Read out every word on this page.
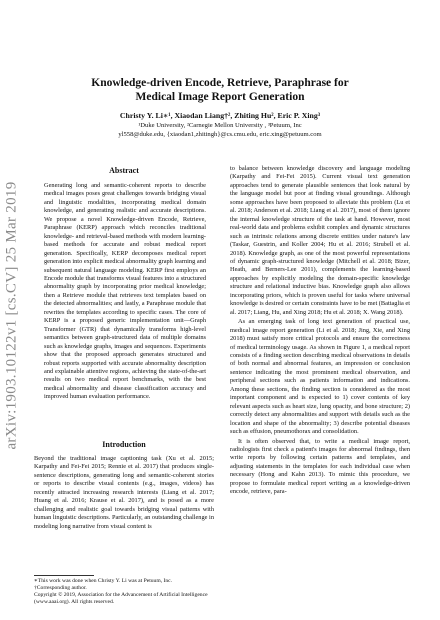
arXiv:1903.10122v1 [cs.CV] 25 Mar 2019
Knowledge-driven Encode, Retrieve, Paraphrase for
Medical Image Report Generation
Christy Y. Li∗¹, Xiaodan Liang†², Zhiting Hu², Eric P. Xing³
¹Duke University, ²Carnegie Mellon University , ³Petuum, Inc
yl558@duke.edu, {xiaodan1,zhitingh}@cs.cmu.edu, eric.xing@petuum.com
Abstract

Generating long and semantic-coherent reports to describe medical images poses great challenges towards bridging visual and linguistic modalities, incorporating medical domain knowledge, and generating realistic and accurate descriptions. We propose a novel Knowledge-driven Encode, Retrieve, Paraphrase (KERP) approach which reconciles traditional knowledge- and retrieval-based methods with modern learning-based methods for accurate and robust medical report generation. Specifically, KERP decomposes medical report generation into explicit medical abnormality graph learning and subsequent natural language modeling. KERP first employs an Encode module that transforms visual features into a structured abnormality graph by incorporating prior medical knowledge; then a Retrieve module that retrieves text templates based on the detected abnormalities; and lastly, a Paraphrase module that rewrites the templates according to specific cases. The core of KERP is a proposed generic implementation unit—Graph Transformer (GTR) that dynamically transforms high-level semantics between graph-structured data of multiple domains such as knowledge graphs, images and sequences. Experiments show that the proposed approach generates structured and robust reports supported with accurate abnormality description and explainable attentive regions, achieving the state-of-the-art results on two medical report benchmarks, with the best medical abnormality and disease classification accuracy and improved human evaluation performance.

Introduction

Beyond the traditional image captioning task (Xu et al. 2015; Karpathy and Fei-Fei 2015; Rennie et al. 2017) that produces single-sentence descriptions, generating long and semantic-coherent stories or reports to describe visual contents (e.g., images, videos) has recently attracted increasing research interests (Liang et al. 2017; Huang et al. 2016; Krause et al. 2017), and is posed as a more challenging and realistic goal towards bridging visual patterns with human linguistic descriptions. Particularly, an outstanding challenge in modeling long narrative from visual content is

∗This work was done when Christy Y. Li was at Petuum, Inc.
†Corresponding author.
Copyright © 2019, Association for the Advancement of Artificial Intelligence (www.aaai.org). All rights reserved.

to balance between knowledge discovery and language modeling (Karpathy and Fei-Fei 2015). Current visual text generation approaches tend to generate plausible sentences that look natural by the language model but poor at finding visual groundings. Although some approaches have been proposed to alleviate this problem (Lu et al. 2018; Anderson et al. 2018; Liang et al. 2017), most of them ignore the internal knowledge structure of the task at hand. However, most real-world data and problems exhibit complex and dynamic structures such as intrinsic relations among discrete entities under nature's law (Taskar, Guestrin, and Koller 2004; Hu et al. 2016; Strubell et al. 2018). Knowledge graph, as one of the most powerful representations of dynamic graph-structured knowledge (Mitchell et al. 2018; Bizer, Heath, and Berners-Lee 2011), complements the learning-based approaches by explicitly modeling the domain-specific knowledge structure and relational inductive bias. Knowledge graph also allows incorporating priors, which is proven useful for tasks where universal knowledge is desired or certain constraints have to be met (Battaglia et al. 2017; Liang, Hu, and Xing 2018; Hu et al. 2018; X. Wang 2018).

As an emerging task of long text generation of practical use, medical image report generation (Li et al. 2018; Jing, Xie, and Xing 2018) must satisfy more critical protocols and ensure the correctness of medical terminology usage. As shown in Figure 1, a medical report consists of a finding section describing medical observations in details of both normal and abnormal features, an impression or conclusion sentence indicating the most prominent medical observation, and peripheral sections such as patients information and indications. Among these sections, the finding section is considered as the most important component and is expected to 1) cover contents of key relevant aspects such as heart size, lung opacity, and bone structure; 2) correctly detect any abnormalities and support with details such as the location and shape of the abnormality; 3) describe potential diseases such as effusion, pneumothorax and consolidation.

It is often observed that, to write a medical image report, radiologists first check a patient's images for abnormal findings, then write reports by following certain patterns and templates, and adjusting statements in the templates for each individual case when necessary (Hong and Kahn 2013). To mimic this procedure, we propose to formulate medical report writing as a knowledge-driven encode, retrieve, para-
